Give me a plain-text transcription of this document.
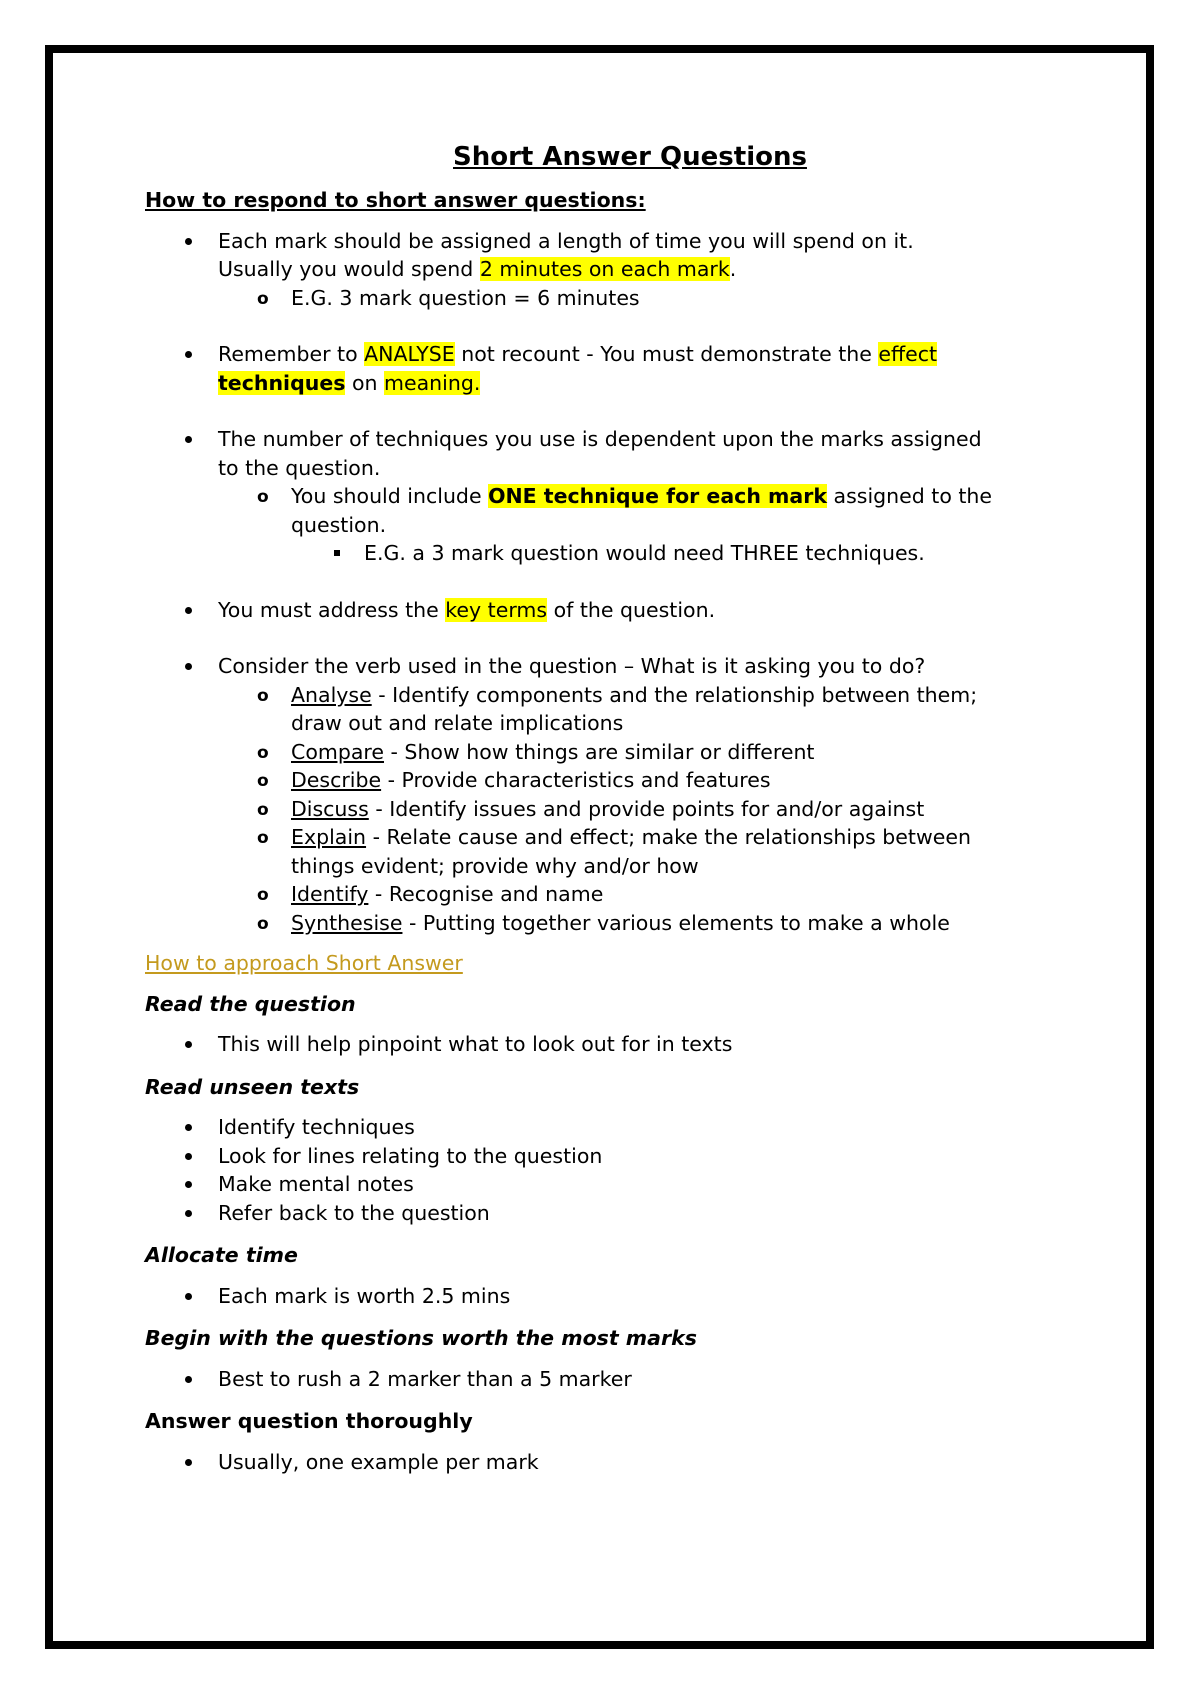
Short Answer Questions
How to respond to short answer questions:
Each mark should be assigned a length of time you will spend on it.
Usually you would spend 2 minutes on each mark.
o E.G. 3 mark question = 6 minutes
Remember to ANALYSE not recount - You must demonstrate the effect
techniques on meaning.
The number of techniques you use is dependent upon the marks assigned
to the question.
o You should include ONE technique for each mark assigned to the
question.
E.G. a 3 mark question would need THREE techniques.
You must address the key terms of the question.
Consider the verb used in the question – What is it asking you to do?
o Analyse - Identify components and the relationship between them;
draw out and relate implications
o Compare - Show how things are similar or different
o Describe - Provide characteristics and features
o Discuss - Identify issues and provide points for and/or against
o Explain - Relate cause and effect; make the relationships between
things evident; provide why and/or how
o Identify - Recognise and name
o Synthesise - Putting together various elements to make a whole
How to approach Short Answer
Read the question
This will help pinpoint what to look out for in texts
Read unseen texts
Identify techniques
Look for lines relating to the question
Make mental notes
Refer back to the question
Allocate time
Each mark is worth 2.5 mins
Begin with the questions worth the most marks
Best to rush a 2 marker than a 5 marker
Answer question thoroughly
Usually, one example per mark
